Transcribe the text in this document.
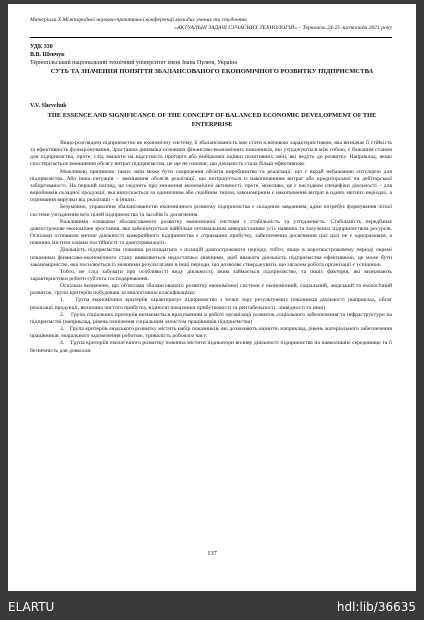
Матеріали X Міжнародної науково-практичної конференції молодих учених та студентів
«АКТУАЛЬНІ ЗАДАЧІ СУЧАСНИХ ТЕХНОЛОГІЙ» – Тернопіль 24-25 листопада 2021 року
УДК 330
В.В. Шевчук
Тернопільський національний технічний університет імені Івана Пулюя, Україна
СУТЬ ТА ЗНАЧЕННЯ ПОНЯТТЯ ЗБАЛАНСОВАНОГО ЕКОНОМІЧНОГО РОЗВИТКУ ПІДПРИЄМСТВА
V.V. Shevchuk
THE ESSENCE AND SIGNIFICANCE OF THE CONCEPT OF BALANCED ECONOMIC DEVELOPMENT OF THE ENTERPRISE

Якщо розглядати підприємство як економічну систему, її збалансованість має стати ключовою характеристикою, яка визначає її стійкість та ефективність функціонування. Зростаюча динаміка основних фінансово-економічних показників, які узгоджуються між собою, є бажаним станом для підприємства, проте, слід зважити на відсутність протиріч або вибіркової оцінки позитивних змін, які ведуть до розвитку. Наприклад, якщо спостерігається зменшення обсягу витрат підприємства, це ще не означає, що діяльність стала більш ефективною.

Можливою причиною таких змін може бути скорочення обсягів виробництва та реалізації, що є вкрай небажаною ситуацією для підприємства. Або інша ситуація – зменшення обсягів реалізації, що погіршується із накопиченням витрат або кредиторської чи дебіторської заборгованості. На перший погляд, це свідчить про зниження економічної активності, проте, можливо, це є наслідком специфіки діяльності – для виробників складної продукції, яка випускається за одиничним або серійним типом, закономірним є накопичення витрат в одних звітних періодах, а отримання виручки від реалізації – в інших.

Безумовно, управління збалансованістю економічного розвитку підприємства є складним завданням, адже потребує формування чіткої системи узгодження всіх цілей підприємства та засобів їх досягнення.

Важливими ознаками збалансованого розвитку економічної системи є стабільність та узгодженість. Стабільність передбачає довгострокове економічне зростання, яке забезпечується найбільш оптимальним використанням усіх наявних та залучених підприємством ресурсів. Оскільки основною метою діяльності комерційного підприємства є отримання прибутку, забезпечення досягнення цієї цілі не є одноразовим, а повинно містити ознаки постійності та довготривалості.

Діяльність підприємства повинна розглядатися з позицій довгострокового періоду, тобто, якщо в короткостроковому періоді окремі показники фінансово-економічного стану виявляються недостатньо значними, щоб вважати діяльність підприємства ефективною, це може бути закономірністю, яка посилюється із значними результатами в інші періоди, що дозволяє стверджувати, що загалом робота організації є успішною.

Тобто, не слід забувати про особливості виду діяльності, яким займається підприємство, та іншіх факторів, які визначають характеристики роботи суб'єкта господарювання.

Оскільки визначено, що об'єктами збалансованого розвитку економічної системи є економічний, соціальний, людський та екологічний розвиток, групи критеріїв побудовані за аналогічною класифікацією:

1.    Група економічних критеріїв характеризує підприємство з точки зору результуючих показників діяльності (наприклад, обсяг реалізації продукції, величина чистого прибутку, відносні показники прибутковості та рентабельності, ліквідності та інші)

2.    Група соціальних критеріїв визначається врахуванням в роботі організації розвиток соціального забезпечення та інфраструктури на підприємстві (наприклад, рівень охоплення соціальним захистом працівників підприємства)

3.    Група критеріїв людського розвитку містить набір показників, які дозволяють оцінити, наприклад, рівень матеріального забезпечення працівників, морального задоволення роботою, тривалість робочого часу.

4.    Група критеріїв екологічного розвитку повинна містити індикатори впливу діяльності підприємства на навколишнє середовище та її безпечність для довкілля.

137
ELARTU	hdl:lib/36635
